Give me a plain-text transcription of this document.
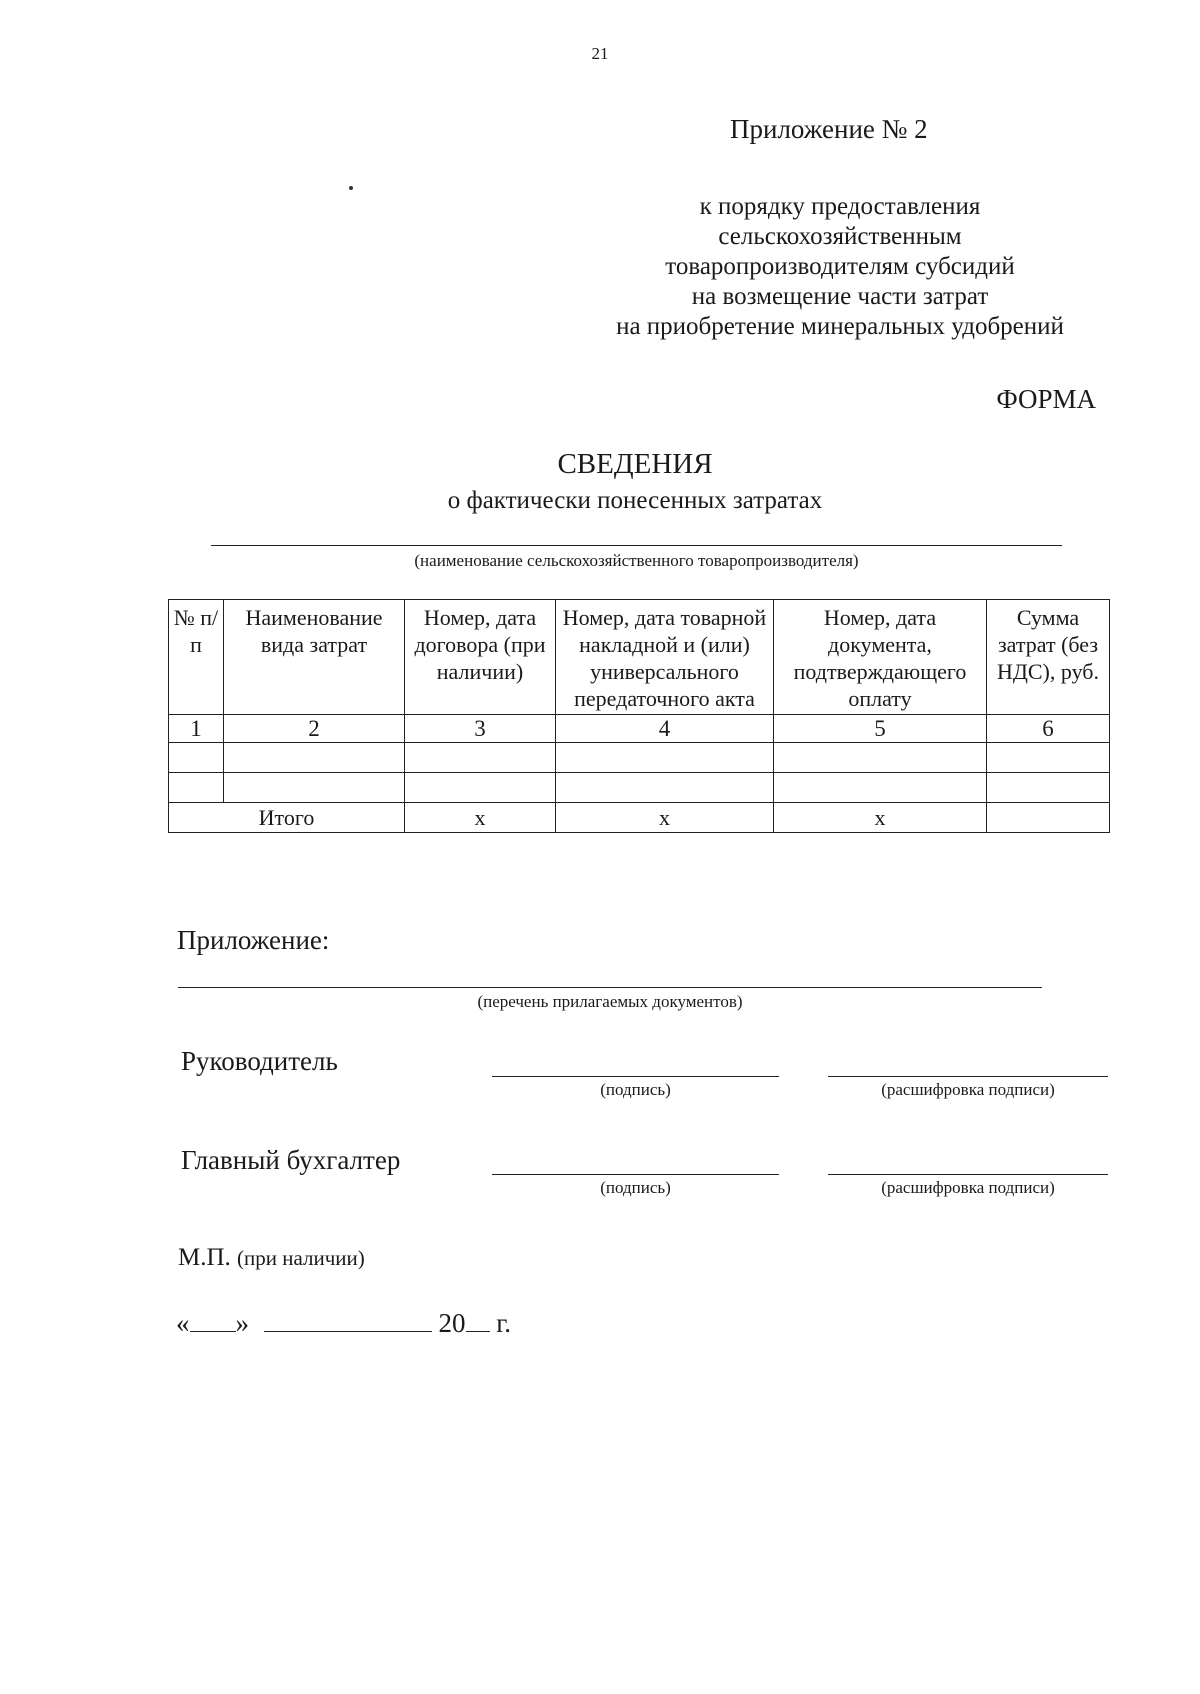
21
Приложение № 2
к порядку предоставления
сельскохозяйственным
товаропроизводителям субсидий
на возмещение части затрат
на приобретение минеральных удобрений
ФОРМА
СВЕДЕНИЯ
о фактически понесенных затратах
(наименование сельскохозяйственного товаропроизводителя)
№ п/п	Наименование вида затрат	Номер, дата договора (при наличии)	Номер, дата товарной накладной и (или) универсального передаточного акта	Номер, дата документа, подтверждающего оплату	Сумма затрат (без НДС), руб.
1	2	3	4	5	6

Итого		х	х	х	
Приложение:
(перечень прилагаемых документов)
Руководитель
(подпись)	(расшифровка подписи)
Главный бухгалтер
(подпись)	(расшифровка подписи)
М.П. (при наличии)
« »	20 г.
